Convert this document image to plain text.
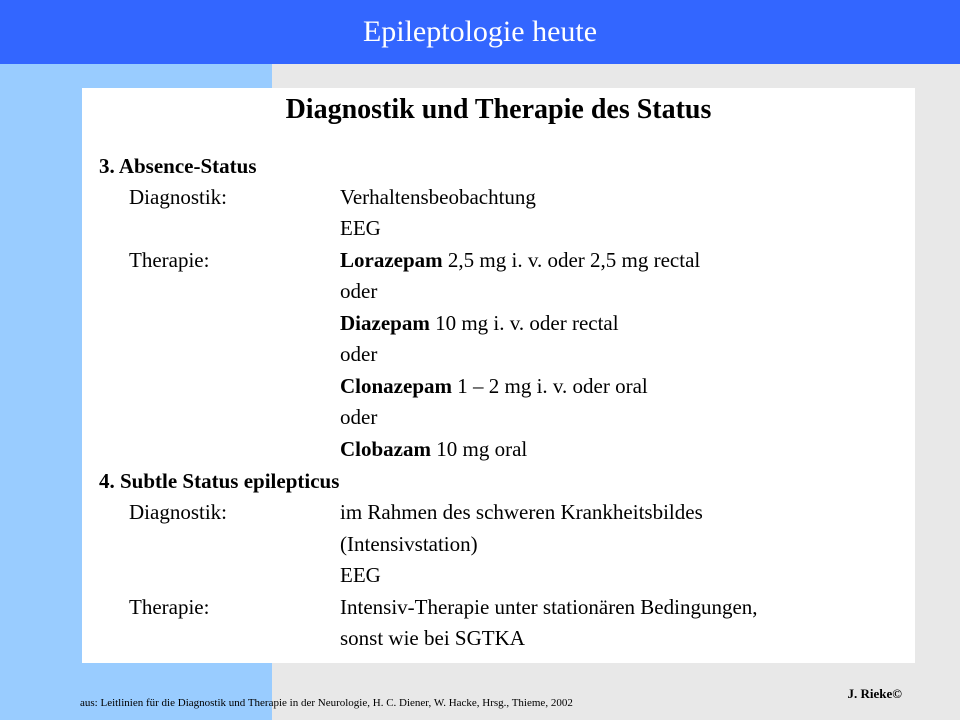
Epileptologie heute
Diagnostik und Therapie des Status
3. Absence-Status
Diagnostik:	Verhaltensbeobachtung
EEG
Therapie:	Lorazepam 2,5 mg i. v. oder 2,5 mg rectal
oder
Diazepam 10 mg i. v. oder rectal
oder
Clonazepam 1 – 2 mg i. v. oder oral
oder
Clobazam 10 mg oral
4. Subtle Status epilepticus
Diagnostik:	im Rahmen des schweren Krankheitsbildes
(Intensivstation)
EEG
Therapie:	Intensiv-Therapie unter stationären Bedingungen,
sonst wie bei SGTKA
aus: Leitlinien für die Diagnostik und Therapie in der Neurologie, H. C. Diener, W. Hacke, Hrsg., Thieme, 2002
J. Rieke©
